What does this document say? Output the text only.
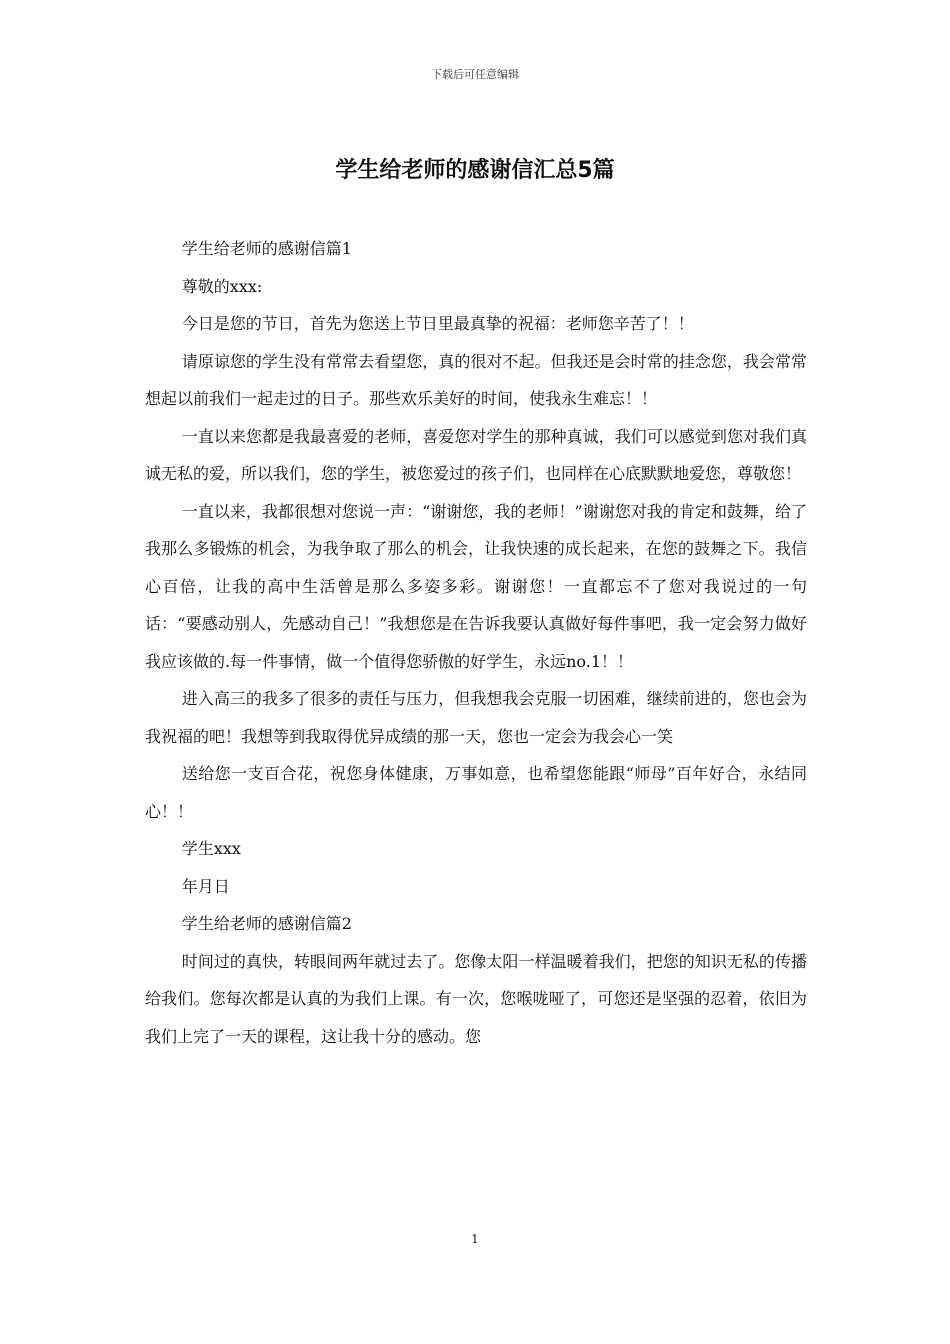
下载后可任意编辑
学生给老师的感谢信汇总5篇

学生给老师的感谢信篇1

尊敬的xxx:

今日是您的节日，首先为您送上节日里最真挚的祝福：老师您辛苦了！！

请原谅您的学生没有常常去看望您，真的很对不起。但我还是会时常的挂念您，我会常常想起以前我们一起走过的日子。那些欢乐美好的时间，使我永生难忘！！

一直以来您都是我最喜爱的老师，喜爱您对学生的那种真诚，我们可以感觉到您对我们真诚无私的爱，所以我们，您的学生，被您爱过的孩子们，也同样在心底默默地爱您，尊敬您！

一直以来，我都很想对您说一声：“谢谢您，我的老师！”谢谢您对我的肯定和鼓舞，给了我那么多锻炼的机会，为我争取了那么的机会，让我快速的成长起来，在您的鼓舞之下。我信心百倍，让我的高中生活曾是那么多姿多彩。谢谢您！一直都忘不了您对我说过的一句话：“要感动别人，先感动自己！”我想您是在告诉我要认真做好每件事吧，我一定会努力做好我应该做的.每一件事情，做一个值得您骄傲的好学生，永远no.1！！

进入高三的我多了很多的责任与压力，但我想我会克服一切困难，继续前进的，您也会为我祝福的吧！我想等到我取得优异成绩的那一天，您也一定会为我会心一笑

送给您一支百合花，祝您身体健康，万事如意，也希望您能跟“师母”百年好合，永结同心！！

学生xxx

年月日

学生给老师的感谢信篇2

时间过的真快，转眼间两年就过去了。您像太阳一样温暖着我们，把您的知识无私的传播给我们。您每次都是认真的为我们上课。有一次，您喉咙哑了，可您还是坚强的忍着，依旧为我们上完了一天的课程，这让我十分的感动。您

1
